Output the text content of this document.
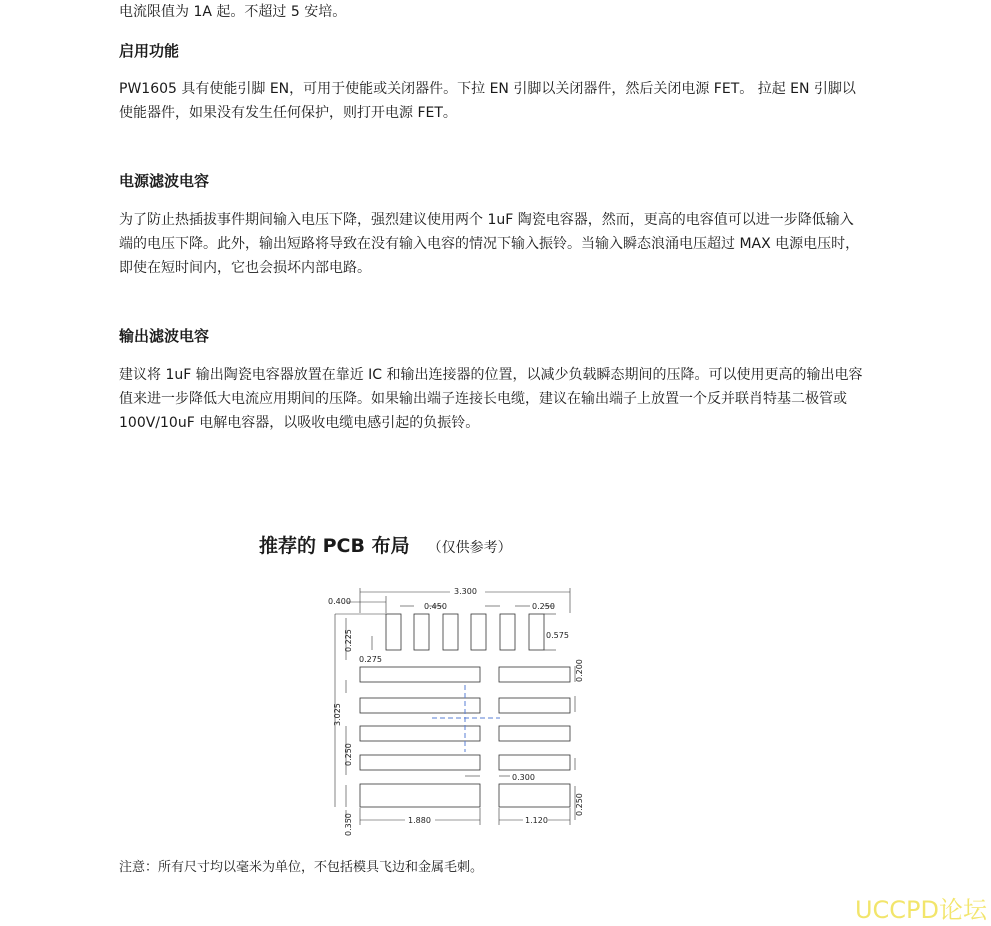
电流限值为 1A 起。不超过 5 安培。

启用功能

PW1605 具有使能引脚 EN，可用于使能或关闭器件。下拉 EN 引脚以关闭器件，然后关闭电源 FET。 拉起 EN 引脚以使能器件，如果没有发生任何保护，则打开电源 FET。

电源滤波电容

为了防止热插拔事件期间输入电压下降，强烈建议使用两个 1uF 陶瓷电容器，然而，更高的电容值可以进一步降低输入端的电压下降。此外，输出短路将导致在没有输入电容的情况下输入振铃。当输入瞬态浪涌电压超过 MAX 电源电压时，即使在短时间内，它也会损坏内部电路。

输出滤波电容

建议将 1uF 输出陶瓷电容器放置在靠近 IC 和输出连接器的位置，以减少负载瞬态期间的压降。可以使用更高的输出电容值来进一步降低大电流应用期间的压降。如果输出端子连接长电缆，建议在输出端子上放置一个反并联肖特基二极管或 100V/10uF 电解电容器，以吸收电缆电感引起的负振铃。

推荐的 PCB 布局 （仅供参考）
3.300
0.400
0.450	0.250
0.575
0.275
0.225
0.200
3.025
0.250
0.300
0.250
0.350	1.880	1.120

注意：所有尺寸均以毫米为单位，不包括模具飞边和金属毛刺。

UCCPD论坛
